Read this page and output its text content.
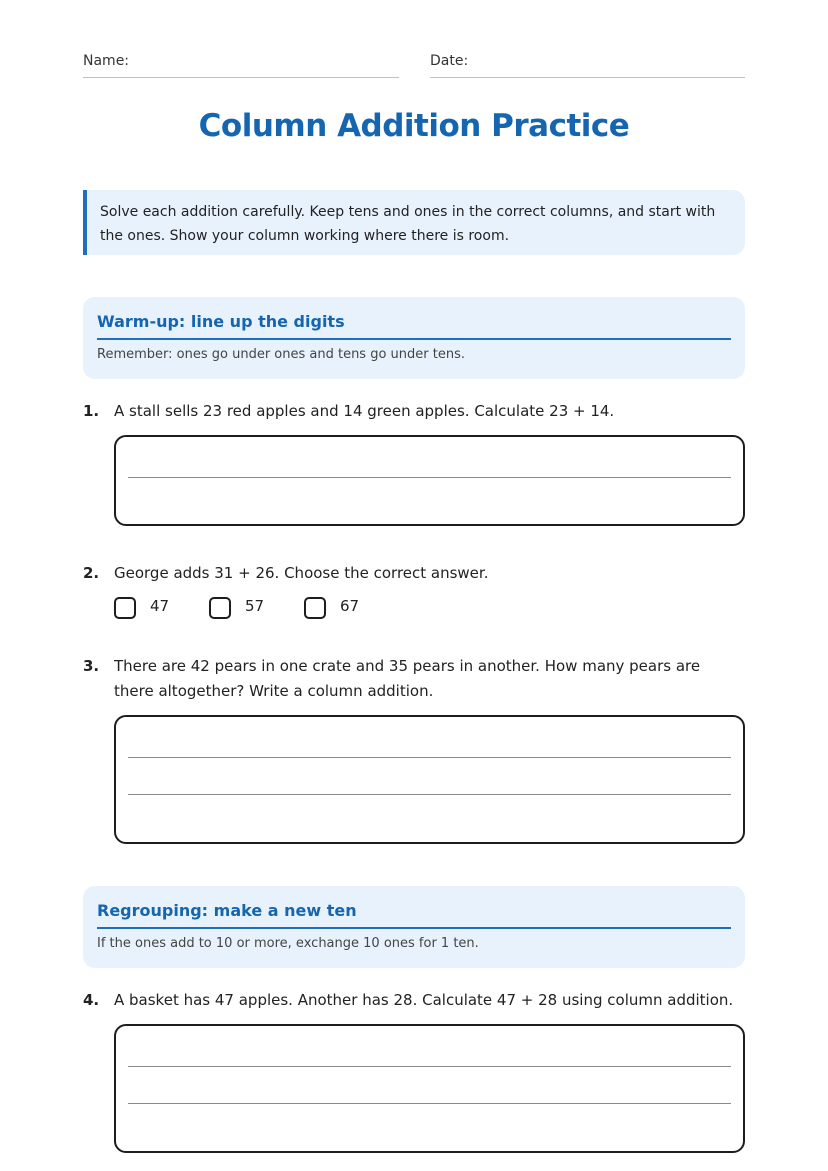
Name:	Date:
Column Addition Practice
Solve each addition carefully. Keep tens and ones in the correct columns, and start with the ones. Show your column working where there is room.
Warm-up: line up the digits
Remember: ones go under ones and tens go under tens.
1. A stall sells 23 red apples and 14 green apples. Calculate 23 + 14.
2. George adds 31 + 26. Choose the correct answer.
47	57	67
3. There are 42 pears in one crate and 35 pears in another. How many pears are there altogether? Write a column addition.
Regrouping: make a new ten
If the ones add to 10 or more, exchange 10 ones for 1 ten.
4. A basket has 47 apples. Another has 28. Calculate 47 + 28 using column addition.
